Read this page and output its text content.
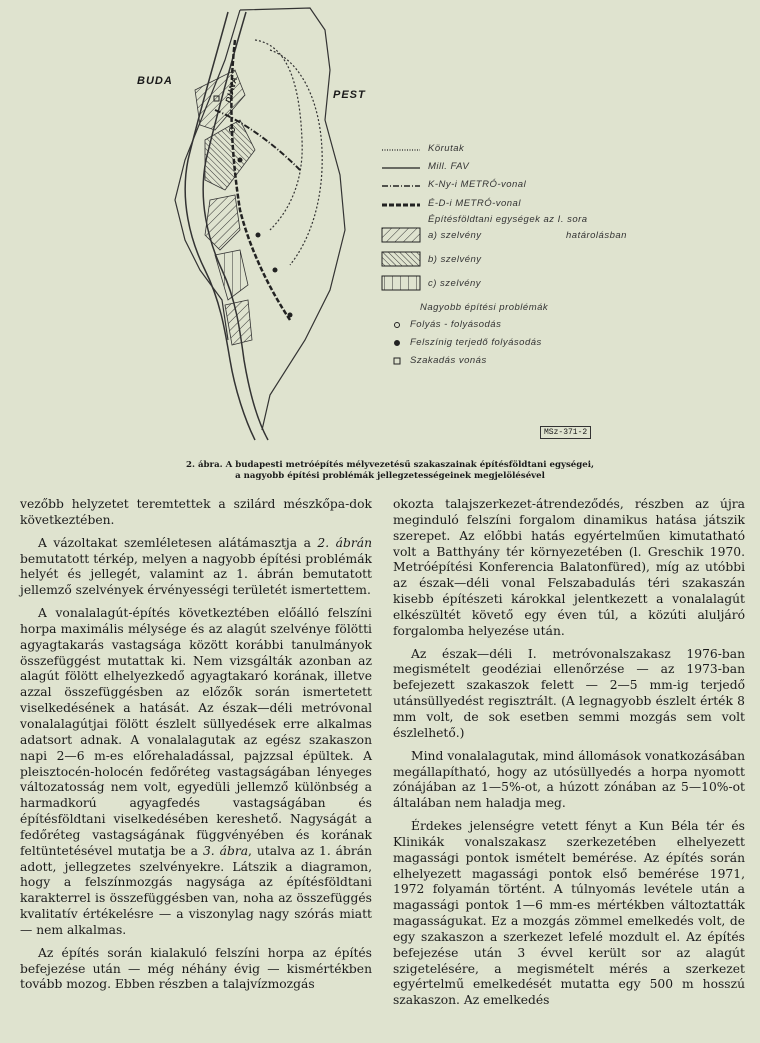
BUDA
PEST
DUNA
Körutak
Mill. FAV
K-Ny-i METRÓ-vonal
É-D-i METRÓ-vonal
Építésföldtani egységek az I. sora
a) szelvény	határolásban
b) szelvény
c) szelvény
Nagyobb építési problémák
Folyás - folyásodás
Felszínig terjedő folyásodás
Szakadás vonás
MSz-371-2
2. ábra. A budapesti metróépítés mélyvezetésű szakaszainak építésföldtani egységei,
a nagyobb építési problémák jellegzetességeinek megjelölésével

vezőbb helyzetet teremtettek a szilárd mészkőpa-dok következtében.

A vázoltakat szemléletesen alátámasztja a 2. ábrán bemutatott térkép, melyen a nagyobb építési problémák helyét és jellegét, valamint az 1. ábrán bemutatott jellemző szelvények érvényességi területét ismertettem.

A vonalalagút-építés következtében előálló felszíni horpa maximális mélysége és az alagút szelvénye fölötti agyagtakarás vastagsága között korábbi tanulmányok összefüggést mutattak ki. Nem vizsgálták azonban az alagút fölött elhelyezkedő agyagtakaró korának, illetve azzal összefüggésben az előzők során ismertetett viselkedésének a hatását. Az észak—déli metróvonal vonalalagútjai fölött észlelt süllyedések erre alkalmas adatsort adnak. A vonalalagutak az egész szakaszon napi 2—6 m-es előrehaladással, pajzzsal épültek. A pleisztocén-holocén fedőréteg vastagságában lényeges változatosság nem volt, egyedüli jellemző különbség a harmadkorú agyagfedés vastagságában és építésföldtani viselkedésében kereshető. Nagyságát a fedőréteg vastagságának függvényében és korának feltüntetésével mutatja be a 3. ábra, utalva az 1. ábrán adott, jellegzetes szelvényekre. Látszik a diagramon, hogy a felszínmozgás nagysága az építésföldtani karakterrel is összefüggésben van, noha az összefüggés kvalitatív értékelésre — a viszonylag nagy szórás miatt — nem alkalmas.

Az építés során kialakuló felszíni horpa az építés befejezése után — még néhány évig — kismértékben tovább mozog. Ebben részben a talajvízmozgás

okozta talajszerkezet-átrendeződés, részben az újra meginduló felszíni forgalom dinamikus hatása játszik szerepet. Az előbbi hatás egyértelműen kimutatható volt a Batthyány tér környezetében (l. Greschik 1970. Metróépítési Konferencia Balatonfüred), míg az utóbbi az észak—déli vonal Felszabadulás téri szakaszán kisebb építészeti károkkal jelentkezett a vonalalagút elkészültét követő egy éven túl, a közúti aluljáró forgalomba helyezése után.

Az észak—déli I. metróvonalszakasz 1976-ban megismételt geodéziai ellenőrzése — az 1973-ban befejezett szakaszok felett — 2—5 mm-ig terjedő utánsüllyedést regisztrált. (A legnagyobb észlelt érték 8 mm volt, de sok esetben semmi mozgás sem volt észlelhető.)

Mind vonalalagutak, mind állomások vonatkozásában megállapítható, hogy az utósüllyedés a horpa nyomott zónájában az 1—5%-ot, a húzott zónában az 5—10%-ot általában nem haladja meg.

Érdekes jelenségre vetett fényt a Kun Béla tér és Klinikák vonalszakasz szerkezetében elhelyezett magassági pontok ismételt bemérése. Az építés során elhelyezett magassági pontok első bemérése 1971, 1972 folyamán történt. A túlnyomás levétele után a magassági pontok 1—6 mm-es mértékben változtatták magasságukat. Ez a mozgás zömmel emelkedés volt, de egy szakaszon a szerkezet lefelé mozdult el. Az építés befejezése után 3 évvel került sor az alagút szigetelésére, a megismételt mérés a szerkezet egyértelmű emelkedését mutatta egy 500 m hosszú szakaszon. Az emelkedés
